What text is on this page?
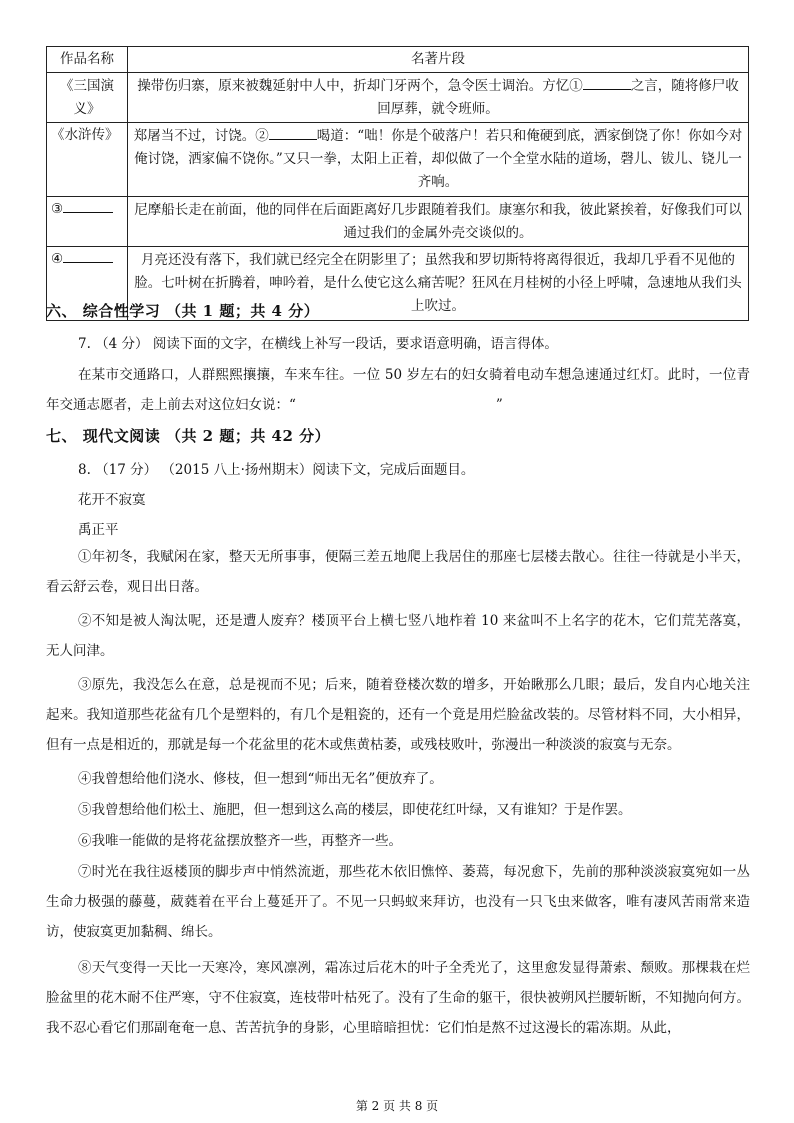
作品名称	名著片段
《三国演义》	操带伤归寨，原来被魏延射中人中，折却门牙两个，急令医士调治。方忆① 之言，随将修尸收回厚葬，就令班师。
《水浒传》	郑屠当不过，讨饶。② 喝道：“咄！你是个破落户！若只和俺硬到底，洒家倒饶了你！你如今对俺讨饶，洒家偏不饶你。”又只一拳，太阳上正着，却似做了一个全堂水陆的道场，磬儿、钹儿、铙儿一齐响。
③	尼摩船长走在前面，他的同伴在后面距离好几步跟随着我们。康塞尔和我，彼此紧挨着，好像我们可以通过我们的金属外壳交谈似的。
④	月亮还没有落下，我们就已经完全在阴影里了；虽然我和罗切斯特将离得很近，我却几乎看不见他的脸。七叶树在折腾着，呻吟着，是什么使它这么痛苦呢？狂风在月桂树的小径上呼啸，急速地从我们头上吹过。
六、 综合性学习 （共 1 题；共 4 分）
7. （4 分） 阅读下面的文字，在横线上补写一段话，要求语意明确，语言得体。
在某市交通路口，人群熙熙攘攘，车来车往。一位 50 岁左右的妇女骑着电动车想急速通过红灯。此时，一位青年交通志愿者，走上前去对这位妇女说：“	”
七、 现代文阅读 （共 2 题；共 42 分）
8. （17 分） （2015 八上·扬州期末）阅读下文，完成后面题目。
花开不寂寞
禹正平
①年初冬，我赋闲在家，整天无所事事，便隔三差五地爬上我居住的那座七层楼去散心。往往一待就是小半天，看云舒云卷，观日出日落。
②不知是被人淘汰呢，还是遭人废弃？楼顶平台上横七竖八地柞着 10 来盆叫不上名字的花木，它们荒芜落寞，无人问津。
③原先，我没怎么在意，总是视而不见；后来，随着登楼次数的增多，开始瞅那么几眼；最后，发自内心地关注起来。我知道那些花盆有几个是塑料的，有几个是粗瓷的，还有一个竟是用烂脸盆改装的。尽管材料不同，大小相异，但有一点是相近的，那就是每一个花盆里的花木或焦黄枯萎，或残枝败叶，弥漫出一种淡淡的寂寞与无奈。
④我曾想给他们浇水、修枝，但一想到“师出无名”便放弃了。
⑤我曾想给他们松土、施肥，但一想到这么高的楼层，即使花红叶绿，又有谁知？于是作罢。
⑥我唯一能做的是将花盆摆放整齐一些，再整齐一些。
⑦时光在我往返楼顶的脚步声中悄然流逝，那些花木依旧憔悴、萎蔫，每况愈下，先前的那种淡淡寂寞宛如一丛生命力极强的藤蔓，葳蕤着在平台上蔓延开了。不见一只蚂蚁来拜访，也没有一只飞虫来做客，唯有凄风苦雨常来造访，使寂寞更加黏稠、绵长。
⑧天气变得一天比一天寒冷，寒风凛冽，霜冻过后花木的叶子全秃光了，这里愈发显得萧索、颓败。那棵栽在烂脸盆里的花木耐不住严寒，守不住寂寞，连枝带叶枯死了。没有了生命的躯干，很快被朔风拦腰斩断，不知抛向何方。我不忍心看它们那副奄奄一息、苦苦抗争的身影，心里暗暗担忧：它们怕是熬不过这漫长的霜冻期。从此，
第 2 页 共 8 页
